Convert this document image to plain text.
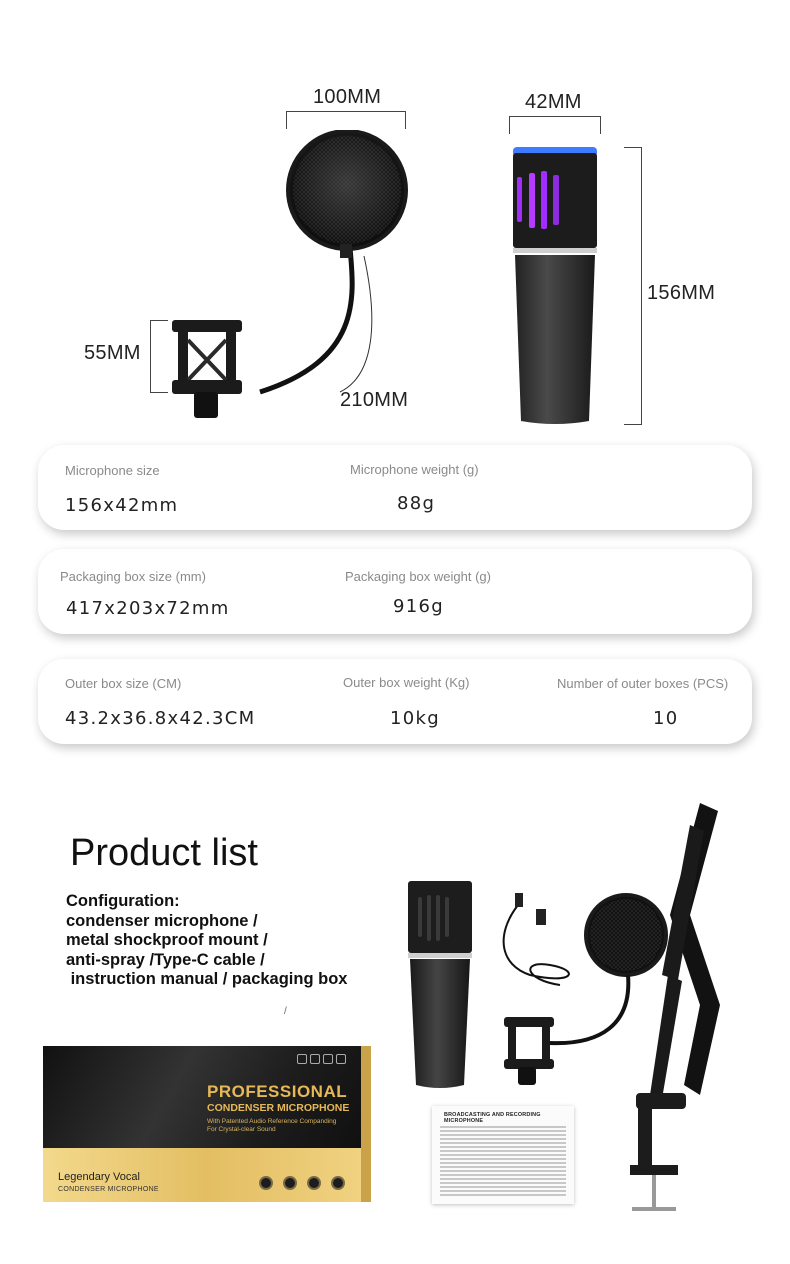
100MM
55MM
210MM
42MM
156MM
Microphone size
156x42mm
Microphone weight (g)
88g
Packaging box size (mm)
417x203x72mm
Packaging box weight (g)
916g
Outer box size (CM)
43.2x36.8x42.3CM
Outer box weight (Kg)
10kg
Number of outer boxes (PCS)
10
Product list
Configuration:
condenser microphone /
metal shockproof mount /
anti-spray /Type-C cable /
instruction manual / packaging box
/
PROFESSIONAL
CONDENSER MICROPHONE
With Patented Audio Reference Companding
For Crystal-clear Sound
Legendary Vocal
CONDENSER MICROPHONE
BROADCASTING AND RECORDING MICROPHONE
